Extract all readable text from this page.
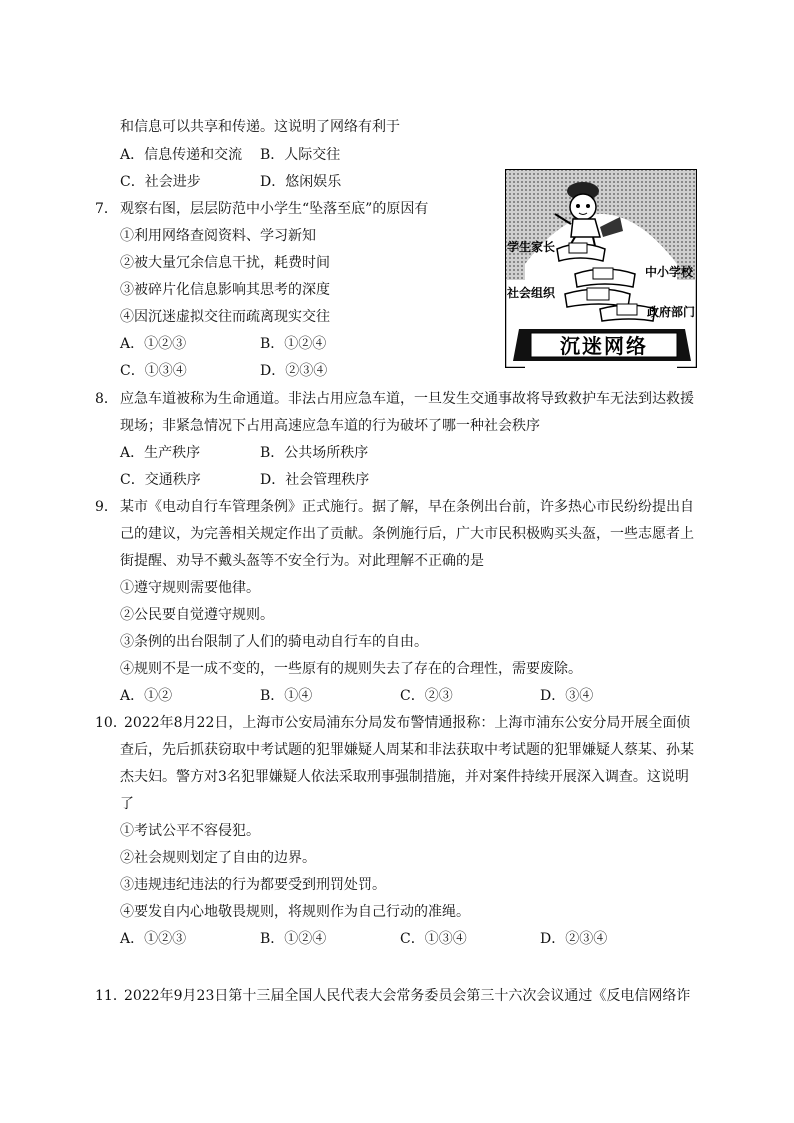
和信息可以共享和传递。这说明了网络有利于
A．信息传递和交流 B．人际交往
C．社会进步	D．悠闲娱乐
7． 观察右图，层层防范中小学生“坠落至底”的原因有
①利用网络查阅资料、学习新知
②被大量冗余信息干扰，耗费时间
③被碎片化信息影响其思考的深度
④因沉迷虚拟交往而疏离现实交往
A．①②③	B．①②④
C．①③④	D．②③④
学生家长
中小学校
社会组织
政府部门
沉迷网络
8． 应急车道被称为生命通道。非法占用应急车道，一旦发生交通事故将导致救护车无法到达救援
现场；非紧急情况下占用高速应急车道的行为破坏了哪一种社会秩序
A．生产秩序	B．公共场所秩序
C．交通秩序	D．社会管理秩序
9． 某市《电动自行车管理条例》正式施行。据了解，早在条例出台前，许多热心市民纷纷提出自
己的建议，为完善相关规定作出了贡献。条例施行后，广大市民积极购买头盔，一些志愿者上
街提醒、劝导不戴头盔等不安全行为。对此理解不正确的是
①遵守规则需要他律。
②公民要自觉遵守规则。
③条例的出台限制了人们的骑电动自行车的自由。
④规则不是一成不变的，一些原有的规则失去了存在的合理性，需要废除。
A．①②	B．①④	C．②③	D．③④
10．
2022年8月22日，上海市公安局浦东分局发布警情通报称：上海市浦东公安分局开展全面侦
查后，先后抓获窃取中考试题的犯罪嫌疑人周某和非法获取中考试题的犯罪嫌疑人蔡某、孙某
杰夫妇。警方对3名犯罪嫌疑人依法采取刑事强制措施，并对案件持续开展深入调查。这说明
了
①考试公平不容侵犯。
②社会规则划定了自由的边界。
③违规违纪违法的行为都要受到刑罚处罚。
④要发自内心地敬畏规则，将规则作为自己行动的准绳。
A．①②③	B．①②④	C．①③④	D．②③④
11．
2022年9月23日第十三届全国人民代表大会常务委员会第三十六次会议通过《反电信网络诈
